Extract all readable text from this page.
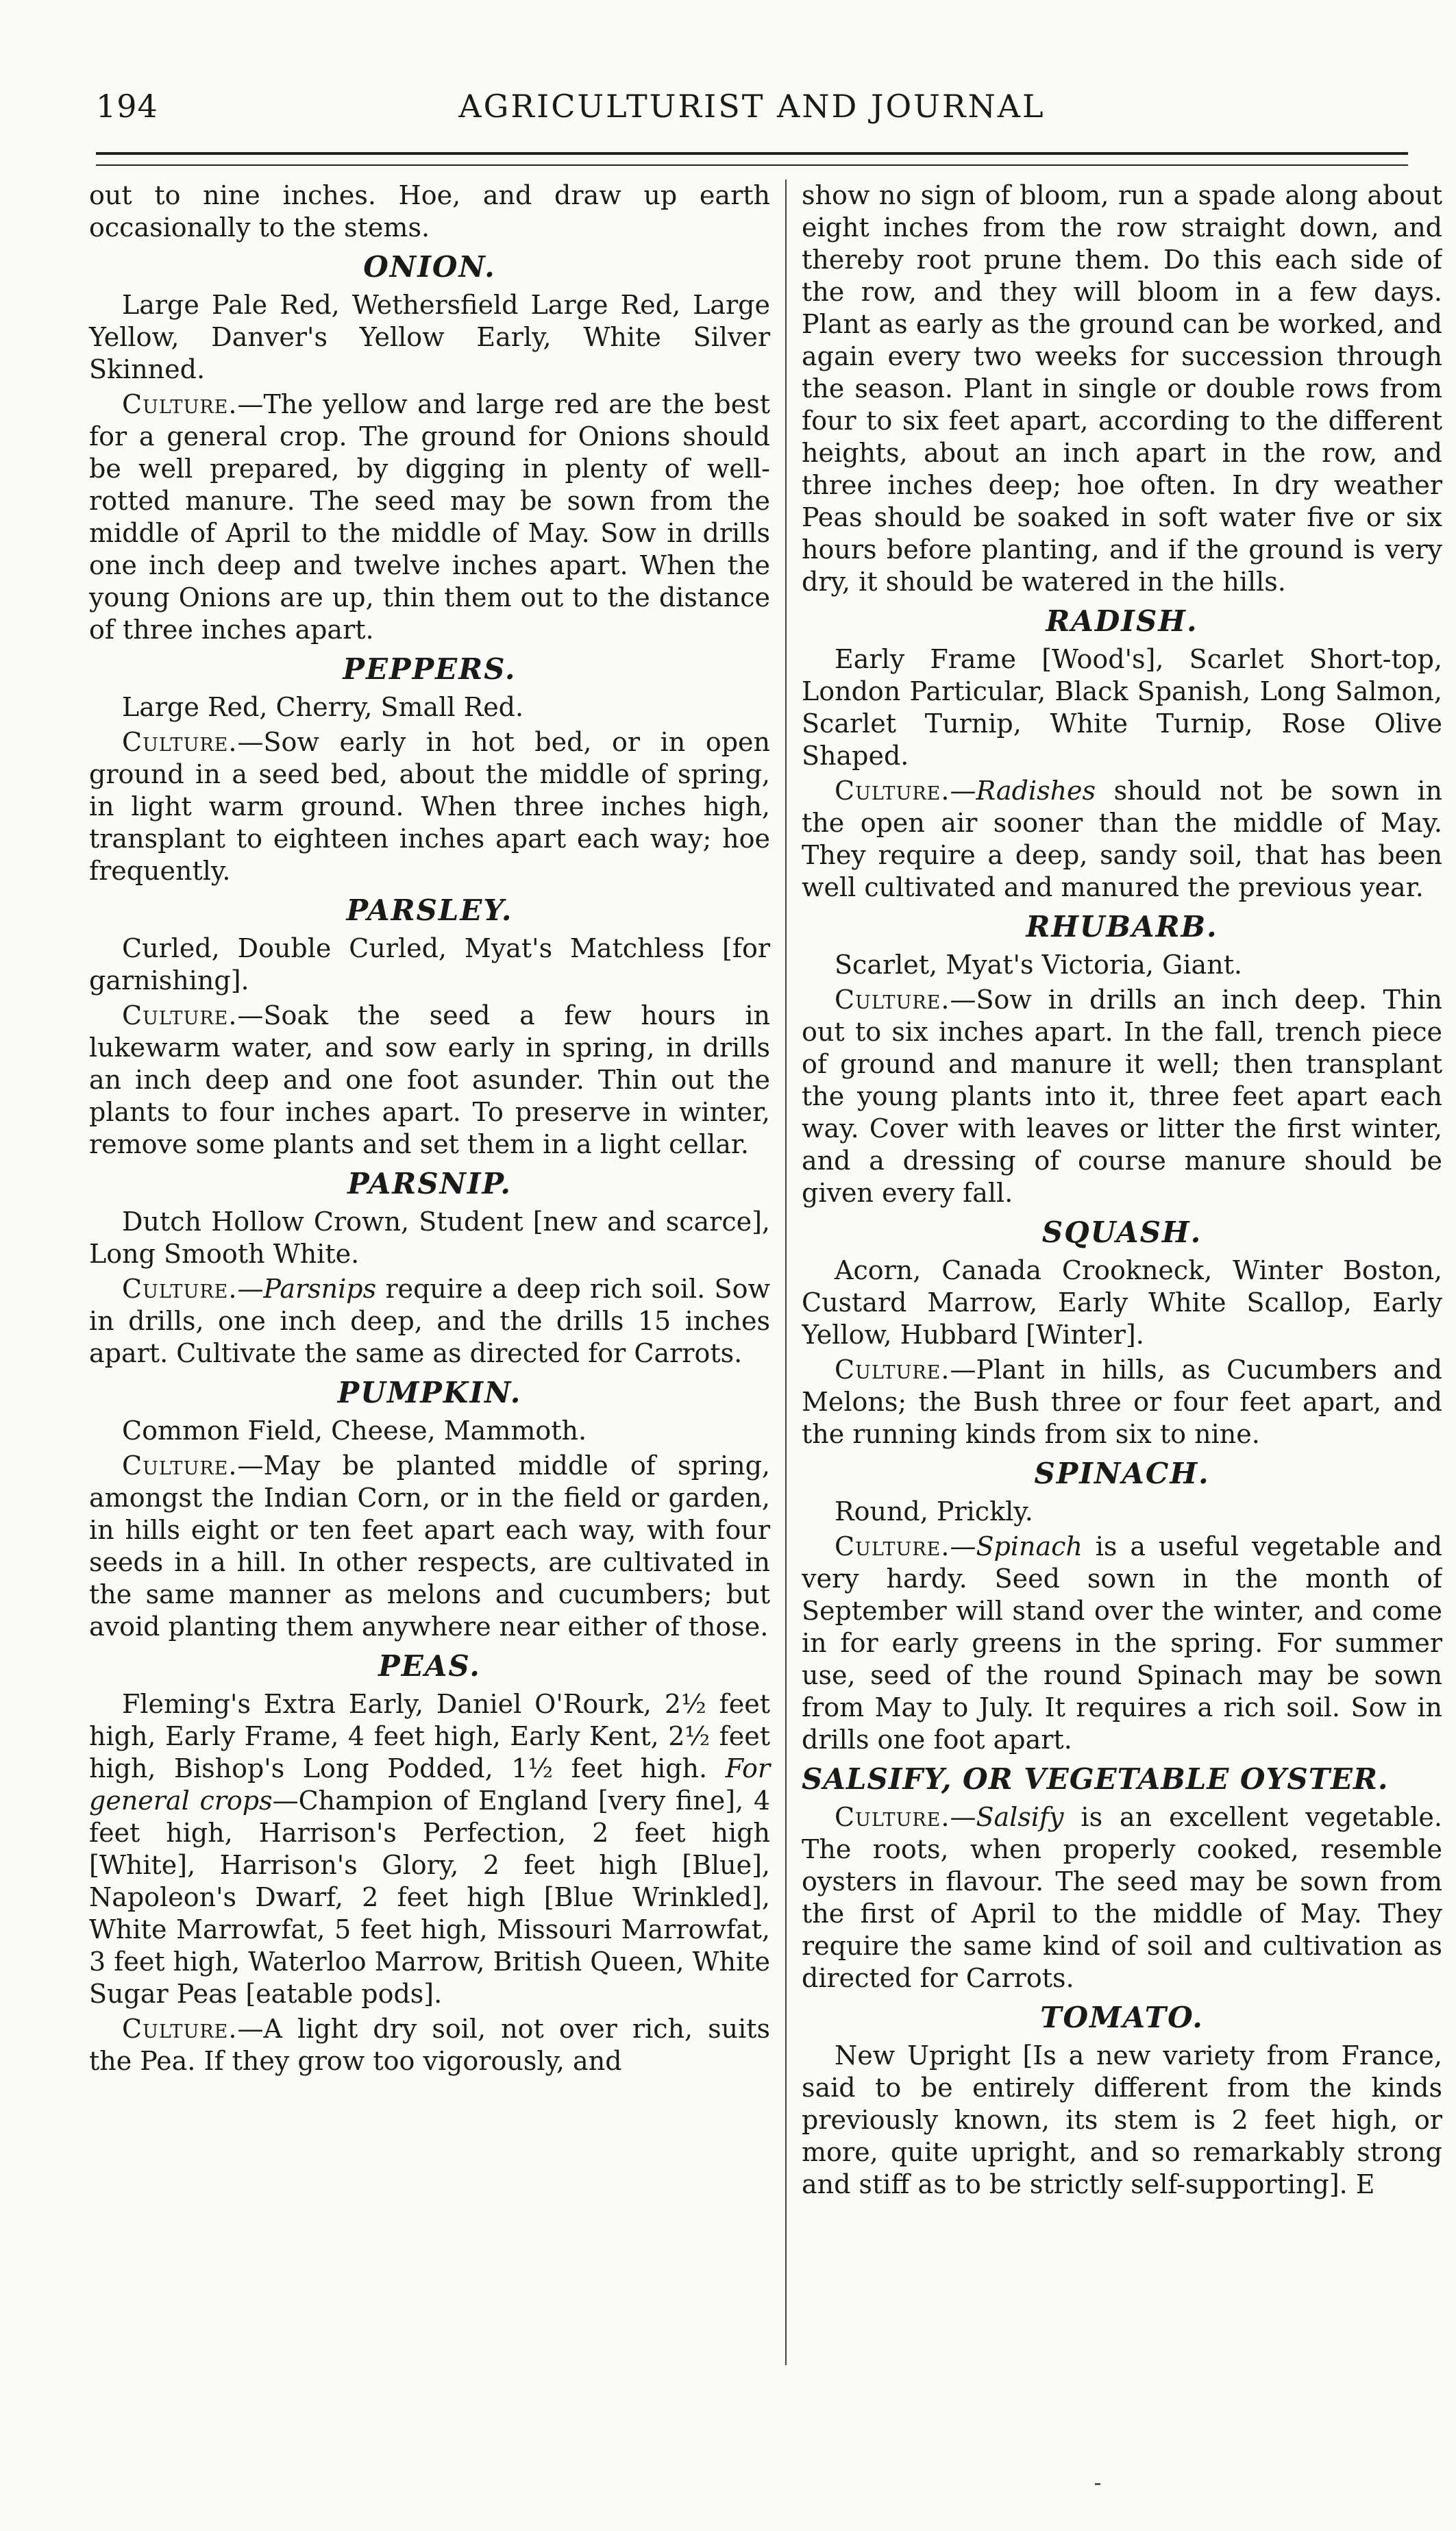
194	AGRICULTURIST AND JOURNAL

out to nine inches. Hoe, and draw up earth occasionally to the stems.

ONION.

Large Pale Red, Wethersfield Large Red, Large Yellow, Danver's Yellow Early, White Silver Skinned.

Culture.—The yellow and large red are the best for a general crop. The ground for Onions should be well prepared, by digging in plenty of well-rotted manure. The seed may be sown from the middle of April to the middle of May. Sow in drills one inch deep and twelve inches apart. When the young Onions are up, thin them out to the distance of three inches apart.

PEPPERS.

Large Red, Cherry, Small Red.

Culture.—Sow early in hot bed, or in open ground in a seed bed, about the middle of spring, in light warm ground. When three inches high, transplant to eighteen inches apart each way; hoe frequently.

PARSLEY.

Curled, Double Curled, Myat's Matchless [for garnishing].

Culture.—Soak the seed a few hours in lukewarm water, and sow early in spring, in drills an inch deep and one foot asunder. Thin out the plants to four inches apart. To preserve in winter, remove some plants and set them in a light cellar.

PARSNIP.

Dutch Hollow Crown, Student [new and scarce], Long Smooth White.

Culture.—Parsnips require a deep rich soil. Sow in drills, one inch deep, and the drills 15 inches apart. Cultivate the same as directed for Carrots.

PUMPKIN.

Common Field, Cheese, Mammoth.

Culture.—May be planted middle of spring, amongst the Indian Corn, or in the field or garden, in hills eight or ten feet apart each way, with four seeds in a hill. In other respects, are cultivated in the same manner as melons and cucumbers; but avoid planting them anywhere near either of those.

PEAS.

Fleming's Extra Early, Daniel O'Rourk, 2½ feet high, Early Frame, 4 feet high, Early Kent, 2½ feet high, Bishop's Long Podded, 1½ feet high. For general crops—Champion of England [very fine], 4 feet high, Harrison's Perfection, 2 feet high [White], Harrison's Glory, 2 feet high [Blue], Napoleon's Dwarf, 2 feet high [Blue Wrinkled], White Marrowfat, 5 feet high, Missouri Marrowfat, 3 feet high, Waterloo Marrow, British Queen, White Sugar Peas [eatable pods].

Culture.—A light dry soil, not over rich, suits the Pea. If they grow too vigorously, and

show no sign of bloom, run a spade along about eight inches from the row straight down, and thereby root prune them. Do this each side of the row, and they will bloom in a few days. Plant as early as the ground can be worked, and again every two weeks for succession through the season. Plant in single or double rows from four to six feet apart, according to the different heights, about an inch apart in the row, and three inches deep; hoe often. In dry weather Peas should be soaked in soft water five or six hours before planting, and if the ground is very dry, it should be watered in the hills.

RADISH.

Early Frame [Wood's], Scarlet Short-top, London Particular, Black Spanish, Long Salmon, Scarlet Turnip, White Turnip, Rose Olive Shaped.

Culture.—Radishes should not be sown in the open air sooner than the middle of May. They require a deep, sandy soil, that has been well cultivated and manured the previous year.

RHUBARB.

Scarlet, Myat's Victoria, Giant.

Culture.—Sow in drills an inch deep. Thin out to six inches apart. In the fall, trench piece of ground and manure it well; then transplant the young plants into it, three feet apart each way. Cover with leaves or litter the first winter, and a dressing of course manure should be given every fall.

SQUASH.

Acorn, Canada Crookneck, Winter Boston, Custard Marrow, Early White Scallop, Early Yellow, Hubbard [Winter].

Culture.—Plant in hills, as Cucumbers and Melons; the Bush three or four feet apart, and the running kinds from six to nine.

SPINACH.

Round, Prickly.

Culture.—Spinach is a useful vegetable and very hardy. Seed sown in the month of September will stand over the winter, and come in for early greens in the spring. For summer use, seed of the round Spinach may be sown from May to July. It requires a rich soil. Sow in drills one foot apart.

SALSIFY, OR VEGETABLE OYSTER.

Culture.—Salsify is an excellent vegetable. The roots, when properly cooked, resemble oysters in flavour. The seed may be sown from the first of April to the middle of May. They require the same kind of soil and cultivation as directed for Carrots.

TOMATO.

New Upright [Is a new variety from France, said to be entirely different from the kinds previously known, its stem is 2 feet high, or more, quite upright, and so remarkably strong and stiff as to be strictly self-supporting]. E
